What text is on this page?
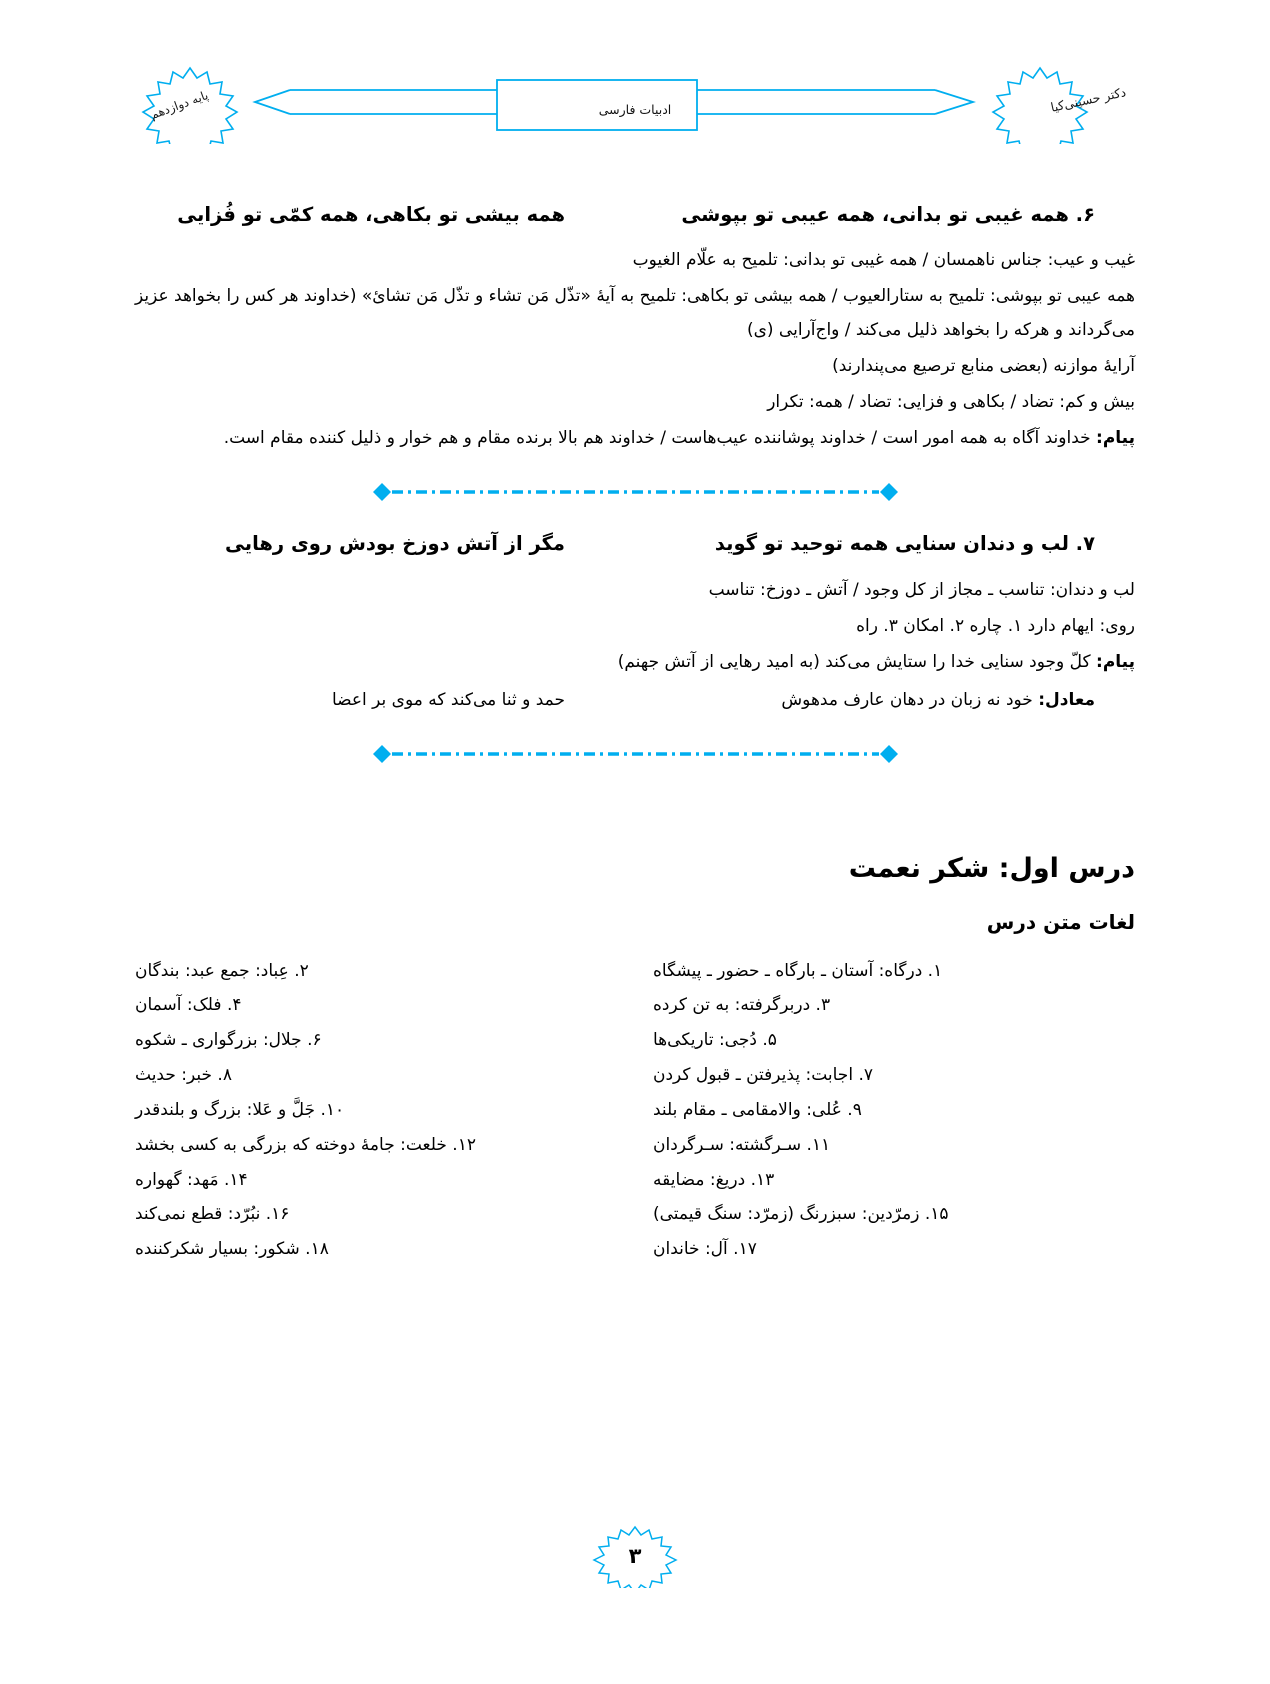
پایه دوازدهم	ادبیات فارسی	دکتر حسینی‌کیا
۶. همه غیبی تو بدانی، همه عیبی تو بپوشی
همه بیشی تو بکاهی، همه کمّی تو فُزایی

غیب و عیب: جناس ناهمسان / همه غیبی تو بدانی: تلمیح به علّام الغیوب

همه عیبی تو بپوشی: تلمیح به ستارالعیوب / همه بیشی تو بکاهی: تلمیح به آیهٔ «تذّل مَن تشاء و تذّل مَن تشائ» (خداوند هر کس را بخواهد عزیز می‌گرداند و هرکه را بخواهد ذلیل می‌کند / واج‌آرایی (ی)

آرایهٔ موازنه (بعضی منابع ترصیع می‌پندارند)

بیش و کم: تضاد / بکاهی و فزایی: تضاد / همه: تکرار

پیام: خداوند آگاه به همه امور است / خداوند پوشاننده عیب‌هاست / خداوند هم بالا برنده مقام و هم خوار و ذلیل کننده مقام است.

۷. لب و دندان سنایی همه توحید تو گوید
مگر از آتش دوزخ بودش روی رهایی

لب و دندان: تناسب ـ مجاز از کل وجود / آتش ـ دوزخ: تناسب

روی: ایهام دارد ۱. چاره ۲. امکان ۳. راه

پیام: کلّ وجود سنایی خدا را ستایش می‌کند (به امید رهایی از آتش جهنم)

معادل: خود نه زبان در دهان عارف مدهوش
حمد و ثنا می‌کند که موی بر اعضا
درس اول: شکر نعمت
لغات متن درس
۱. درگاه: آستان ـ بارگاه ـ حضور ـ پیشگاه
۳. دربرگرفته: به تن کرده
۵. دُجی: تاریکی‌ها
۷. اجابت: پذیرفتن ـ قبول کردن
۹. عُلی: والامقامی ـ مقام بلند
۱۱. سـرگشته: سـرگردان
۱۳. دریغ: مضایقه
۱۵. زمرّدین: سبزرنگ (زمرّد: سنگ قیمتی)
۱۷. آل: خاندان
۲. عِباد: جمع عبد: بندگان
۴. فلک: آسمان
۶. جلال: بزرگواری ـ شکوه
۸. خبر: حدیث
۱۰. جَلَّ و عَلا: بزرگ و بلندقدر
۱۲. خلعت: جامهٔ دوخته که بزرگی به کسی بخشد
۱۴. مَهد: گهواره
۱۶. نبُرّد: قطع نمی‌کند
۱۸. شکور: بسیار شکرکننده
۳
